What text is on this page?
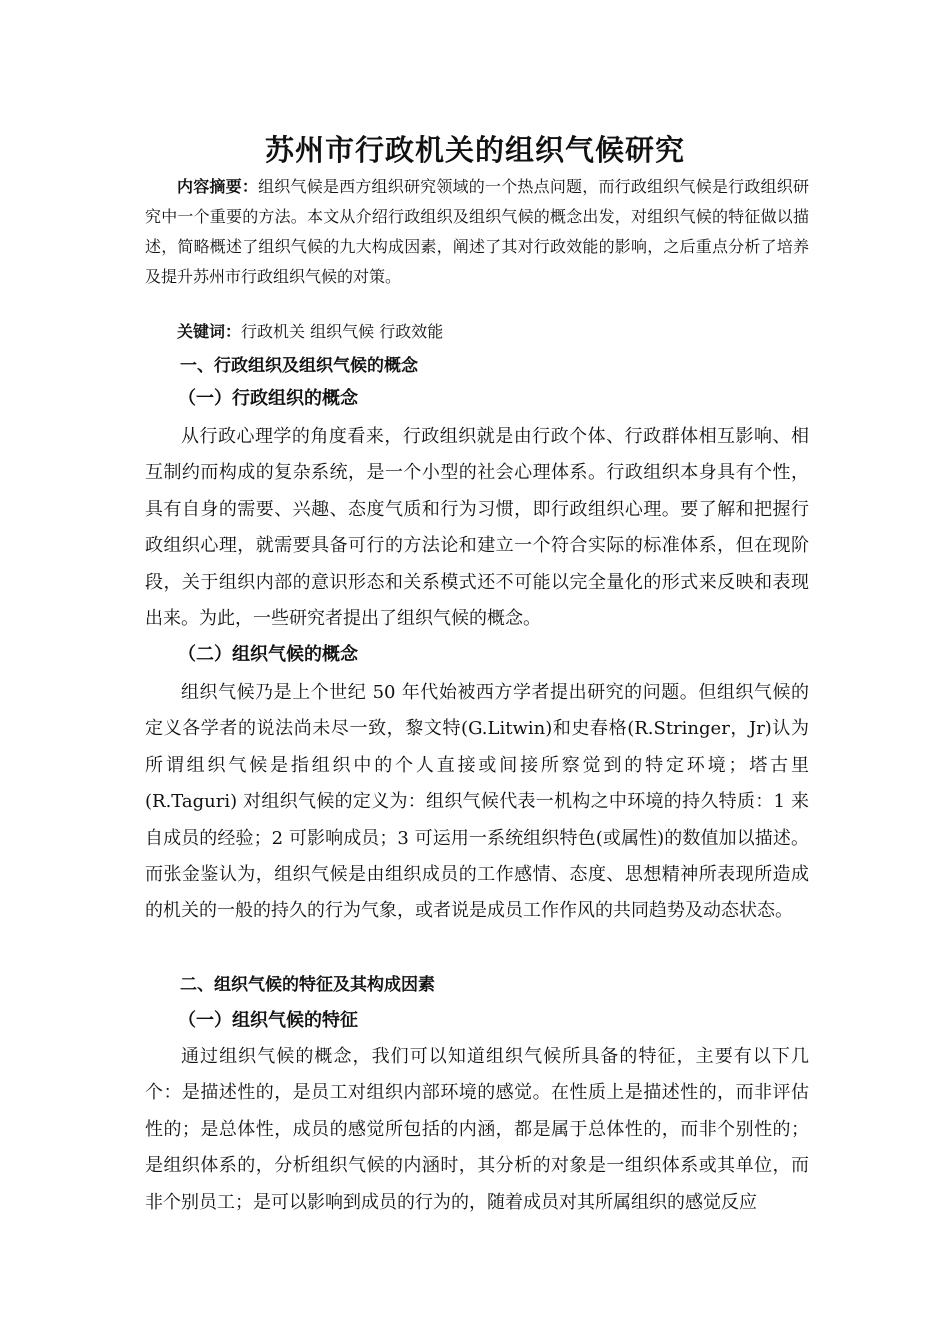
苏州市行政机关的组织气候研究

内容摘要：组织气候是西方组织研究领域的一个热点问题，而行政组织气候是行政组织研究中一个重要的方法。本文从介绍行政组织及组织气候的概念出发，对组织气候的特征做以描述，简略概述了组织气候的九大构成因素，阐述了其对行政效能的影响，之后重点分析了培养及提升苏州市行政组织气候的对策。

关键词：行政机关 组织气候 行政效能

一、行政组织及组织气候的概念
（一）行政组织的概念

从行政心理学的角度看来，行政组织就是由行政个体、行政群体相互影响、相互制约而构成的复杂系统，是一个小型的社会心理体系。行政组织本身具有个性，具有自身的需要、兴趣、态度气质和行为习惯，即行政组织心理。要了解和把握行政组织心理，就需要具备可行的方法论和建立一个符合实际的标准体系，但在现阶段，关于组织内部的意识形态和关系模式还不可能以完全量化的形式来反映和表现出来。为此，一些研究者提出了组织气候的概念。

（二）组织气候的概念

组织气候乃是上个世纪 50 年代始被西方学者提出研究的问题。但组织气候的定义各学者的说法尚未尽一致，黎文特(G.Litwin)和史春格(R.Stringer，Jr)认为 所谓组织气候是指组织中的个人直接或间接所察觉到的特定环境；塔古里(R.Taguri) 对组织气候的定义为：组织气候代表一机构之中环境的持久特质：1 来自成员的经验；2 可影响成员；3 可运用一系统组织特色(或属性)的数值加以描述。而张金鉴认为，组织气候是由组织成员的工作感情、态度、思想精神所表现所造成的机关的一般的持久的行为气象，或者说是成员工作作风的共同趋势及动态状态。

二、组织气候的特征及其构成因素
（一）组织气候的特征

通过组织气候的概念，我们可以知道组织气候所具备的特征，主要有以下几个：是描述性的，是员工对组织内部环境的感觉。在性质上是描述性的，而非评估性的；是总体性，成员的感觉所包括的内涵，都是属于总体性的，而非个别性的；是组织体系的，分析组织气候的内涵时，其分析的对象是一组织体系或其单位，而非个别员工；是可以影响到成员的行为的，随着成员对其所属组织的感觉反应
